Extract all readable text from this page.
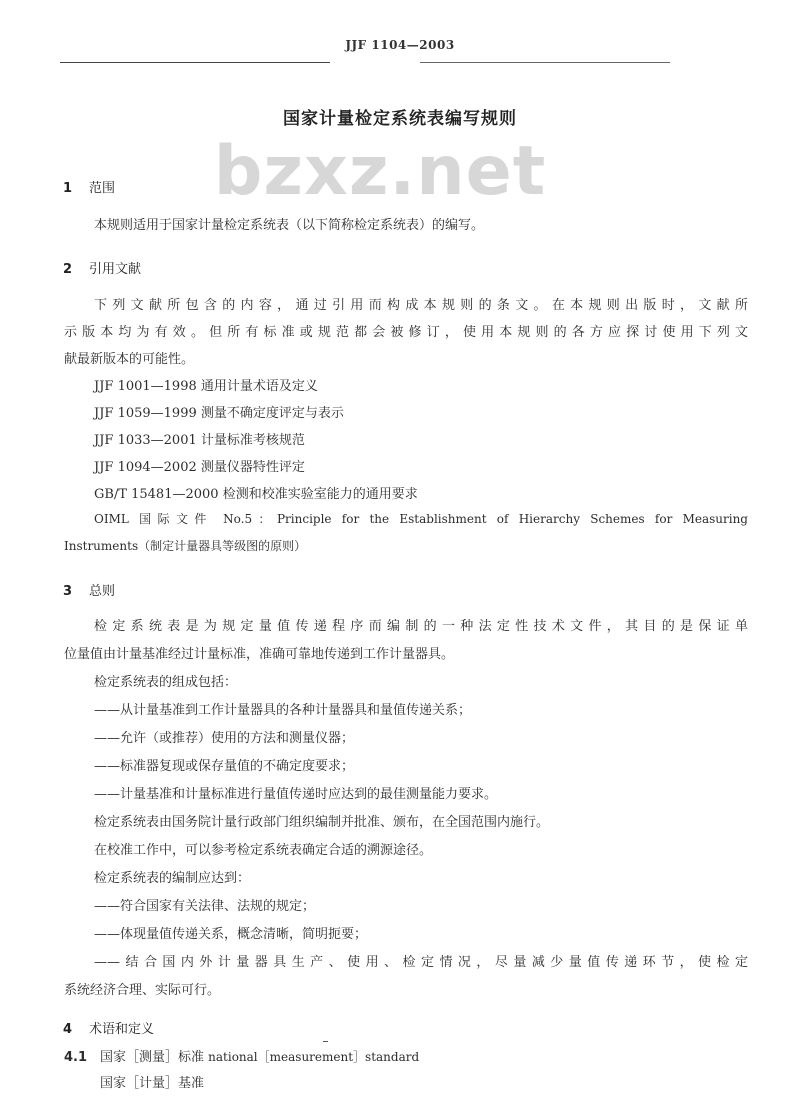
JJF 1104—2003
国家计量检定系统表编写规则
bzxz.net
1 范围
本规则适用于国家计量检定系统表（以下简称检定系统表）的编写。
2 引用文献
下列文献所包含的内容，通过引用而构成本规则的条文。在本规则出版时，文献所
示版本均为有效。但所有标准或规范都会被修订，使用本规则的各方应探讨使用下列文
献最新版本的可能性。
JJF 1001—1998 通用计量术语及定义
JJF 1059—1999 测量不确定度评定与表示
JJF 1033—2001 计量标准考核规范
JJF 1094—2002 测量仪器特性评定
GB/T 15481—2000 检测和校准实验室能力的通用要求
OIML 国际文件 No.5：Principle for the Establishment of Hierarchy Schemes for Measuring
Instruments（制定计量器具等级图的原则）
3 总则
检定系统表是为规定量值传递程序而编制的一种法定性技术文件，其目的是保证单
位量值由计量基准经过计量标准，准确可靠地传递到工作计量器具。
检定系统表的组成包括：
——从计量基准到工作计量器具的各种计量器具和量值传递关系；
——允许（或推荐）使用的方法和测量仪器；
——标准器复现或保存量值的不确定度要求；
——计量基准和计量标准进行量值传递时应达到的最佳测量能力要求。
检定系统表由国务院计量行政部门组织编制并批准、颁布，在全国范围内施行。
在校准工作中，可以参考检定系统表确定合适的溯源途径。
检定系统表的编制应达到：
——符合国家有关法律、法规的规定；
——体现量值传递关系，概念清晰，简明扼要；
——结合国内外计量器具生产、使用、检定情况，尽量减少量值传递环节，使检定
系统经济合理、实际可行。
4 术语和定义
4.1 国家［测量］标准 national［measurement］standard
国家［计量］基准
